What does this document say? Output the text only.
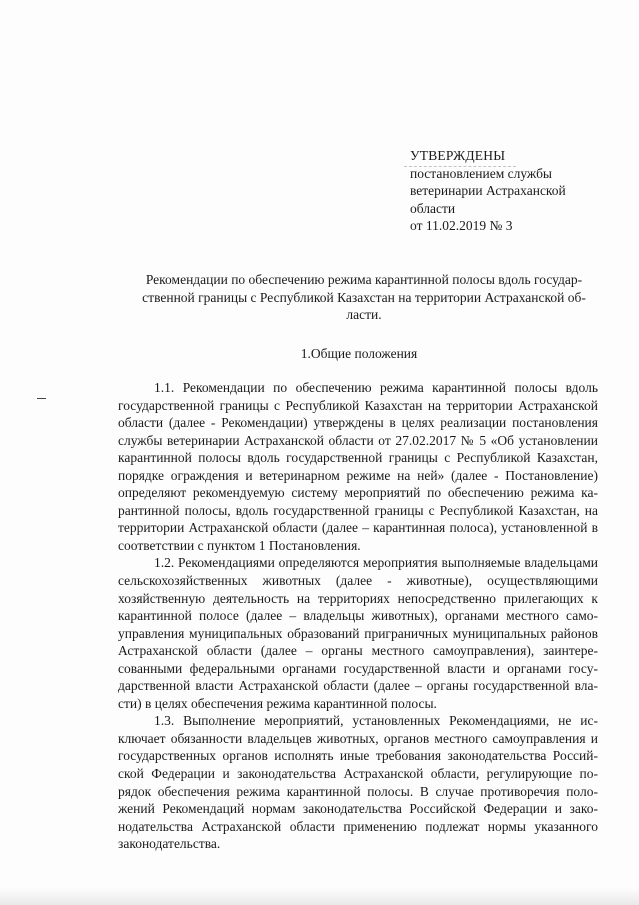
УТВЕРЖДЕНЫ
постановлением службы
ветеринарии Астраханской
области
от 11.02.2019 № 3
Рекомендации по обеспечению режима карантинной полосы вдоль государственной границы с Республикой Казахстан на территории Астраханской области.
1.Общие положения

1.1. Рекомендации по обеспечению режима карантинной полосы вдоль государственной границы с Республикой Казахстан на территории Астраханской области (далее - Рекомендации) утверждены в целях реализации постановления службы ветеринарии Астраханской области от 27.02.2017 № 5 «Об установлении карантинной полосы вдоль государственной границы с Республикой Казахстан, порядке ограждения и ветеринарном режиме на ней» (далее - Постановление) определяют рекомендуемую систему мероприятий по обеспечению режима карантинной полосы, вдоль государственной границы с Республикой Казахстан, на территории Астраханской области (далее – карантинная полоса), установленной в соответствии с пунктом 1 Постановления.

1.2. Рекомендациями определяются мероприятия выполняемые владельцами сельскохозяйственных животных (далее - животные), осуществляющими хозяйственную деятельность на территориях непосредственно прилегающих к карантинной полосе (далее – владельцы животных), органами местного самоуправления муниципальных образований приграничных муниципальных районов Астраханской области (далее – органы местного самоуправления), заинтересованными федеральными органами государственной власти и органами государственной власти Астраханской области (далее – органы государственной власти) в целях обеспечения режима карантинной полосы.

1.3. Выполнение мероприятий, установленных Рекомендациями, не исключает обязанности владельцев животных, органов местного самоуправления и государственных органов исполнять иные требования законодательства Российской Федерации и законодательства Астраханской области, регулирующие порядок обеспечения режима карантинной полосы. В случае противоречия положений Рекомендаций нормам законодательства Российской Федерации и законодательства Астраханской области применению подлежат нормы указанного законодательства.
